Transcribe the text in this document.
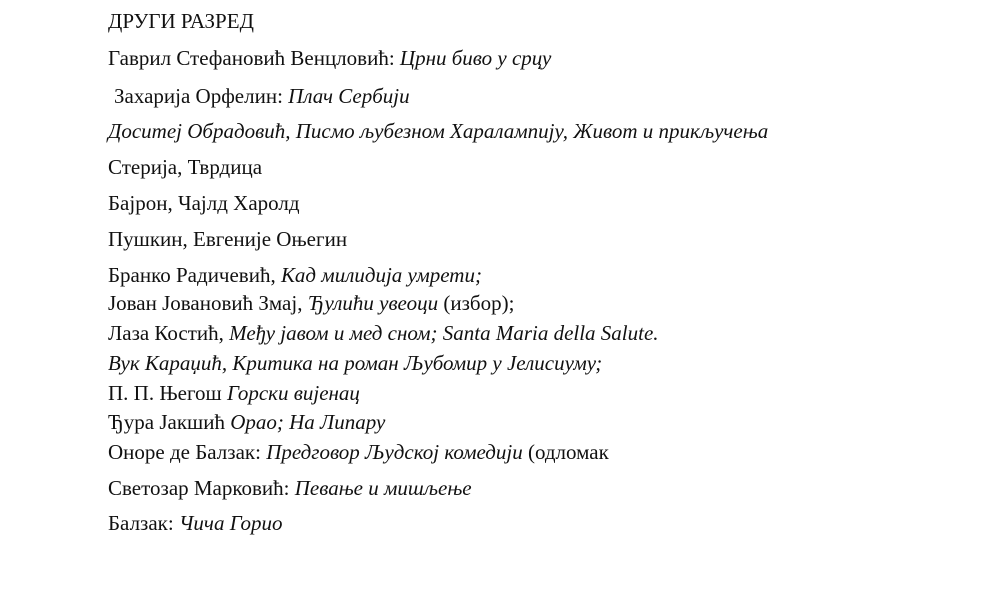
ДРУГИ РАЗРЕД
Гаврил Стефановић Венцловић: Црни биво у срцу
Захарија Орфелин: Плач Сербији
Доситеј Обрадовић, Писмо љубезном Харалампију, Живот и прикључења
Стерија, Тврдица
Бајрон, Чајлд Харолд
Пушкин, Евгеније Оњегин
Бранко Радичевић, Кад милидија умрети;
Јован Јовановић Змај, Ђулићи увеоци (избор);
Лаза Костић, Међу јавом и мед сном; Santa Maria della Salute.
Вук Караџић, Критика на роман Љубомир у Јелисиуму;
П. П. Његош Горски вијенац
Ђура Јакшић Орао; На Липару
Оноре де Балзак: Предговор Људској комедији (одломак
Светозар Марковић: Певање и мишљење
Балзак: Чича Горио
